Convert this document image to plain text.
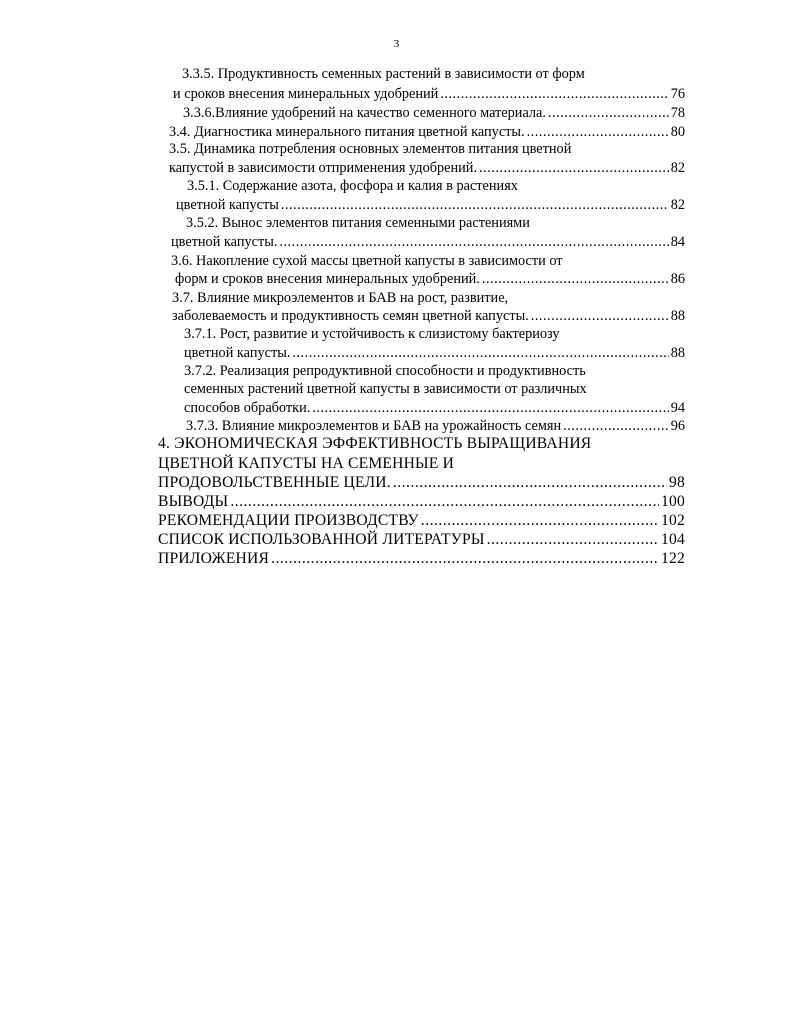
3
3.3.5. Продуктивность семенных растений в зависимости от форм
и сроков внесения минеральных удобрений .....	76
3.3.6.Влияние удобрений на качество семенного материала. .....	78
3.4. Диагностика минерального питания цветной капусты. .....	80
3.5. Динамика потребления основных элементов питания цветной
капустой в зависимости отприменения удобрений. .....	82
3.5.1. Содержание азота, фосфора и калия в растениях
цветной капусты .....	82
3.5.2. Вынос элементов питания семенными растениями
цветной капусты. .....	84
3.6. Накопление сухой массы цветной капусты в зависимости от
форм и сроков внесения минеральных удобрений. .....	86
3.7. Влияние микроэлементов и БАВ на рост, развитие,
заболеваемость и продуктивность семян цветной капусты. .....	88
3.7.1. Рост, развитие и устойчивость к слизистому бактериозу
цветной капусты. .....	88
3.7.2. Реализация репродуктивной способности и продуктивность
семенных растений цветной капусты в зависимости от различных
способов обработки. .....	94
3.7.3. Влияние микроэлементов и БАВ на урожайность семян .....	96
4. ЭКОНОМИЧЕСКАЯ ЭФФЕКТИВНОСТЬ ВЫРАЩИВАНИЯ
ЦВЕТНОЙ КАПУСТЫ НА СЕМЕННЫЕ И
ПРОДОВОЛЬСТВЕННЫЕ ЦЕЛИ. .....	98
ВЫВОДЫ .....	100
РЕКОМЕНДАЦИИ ПРОИЗВОДСТВУ .....	102
СПИСОК ИСПОЛЬЗОВАННОЙ ЛИТЕРАТУРЫ .....	104
ПРИЛОЖЕНИЯ .....	122
